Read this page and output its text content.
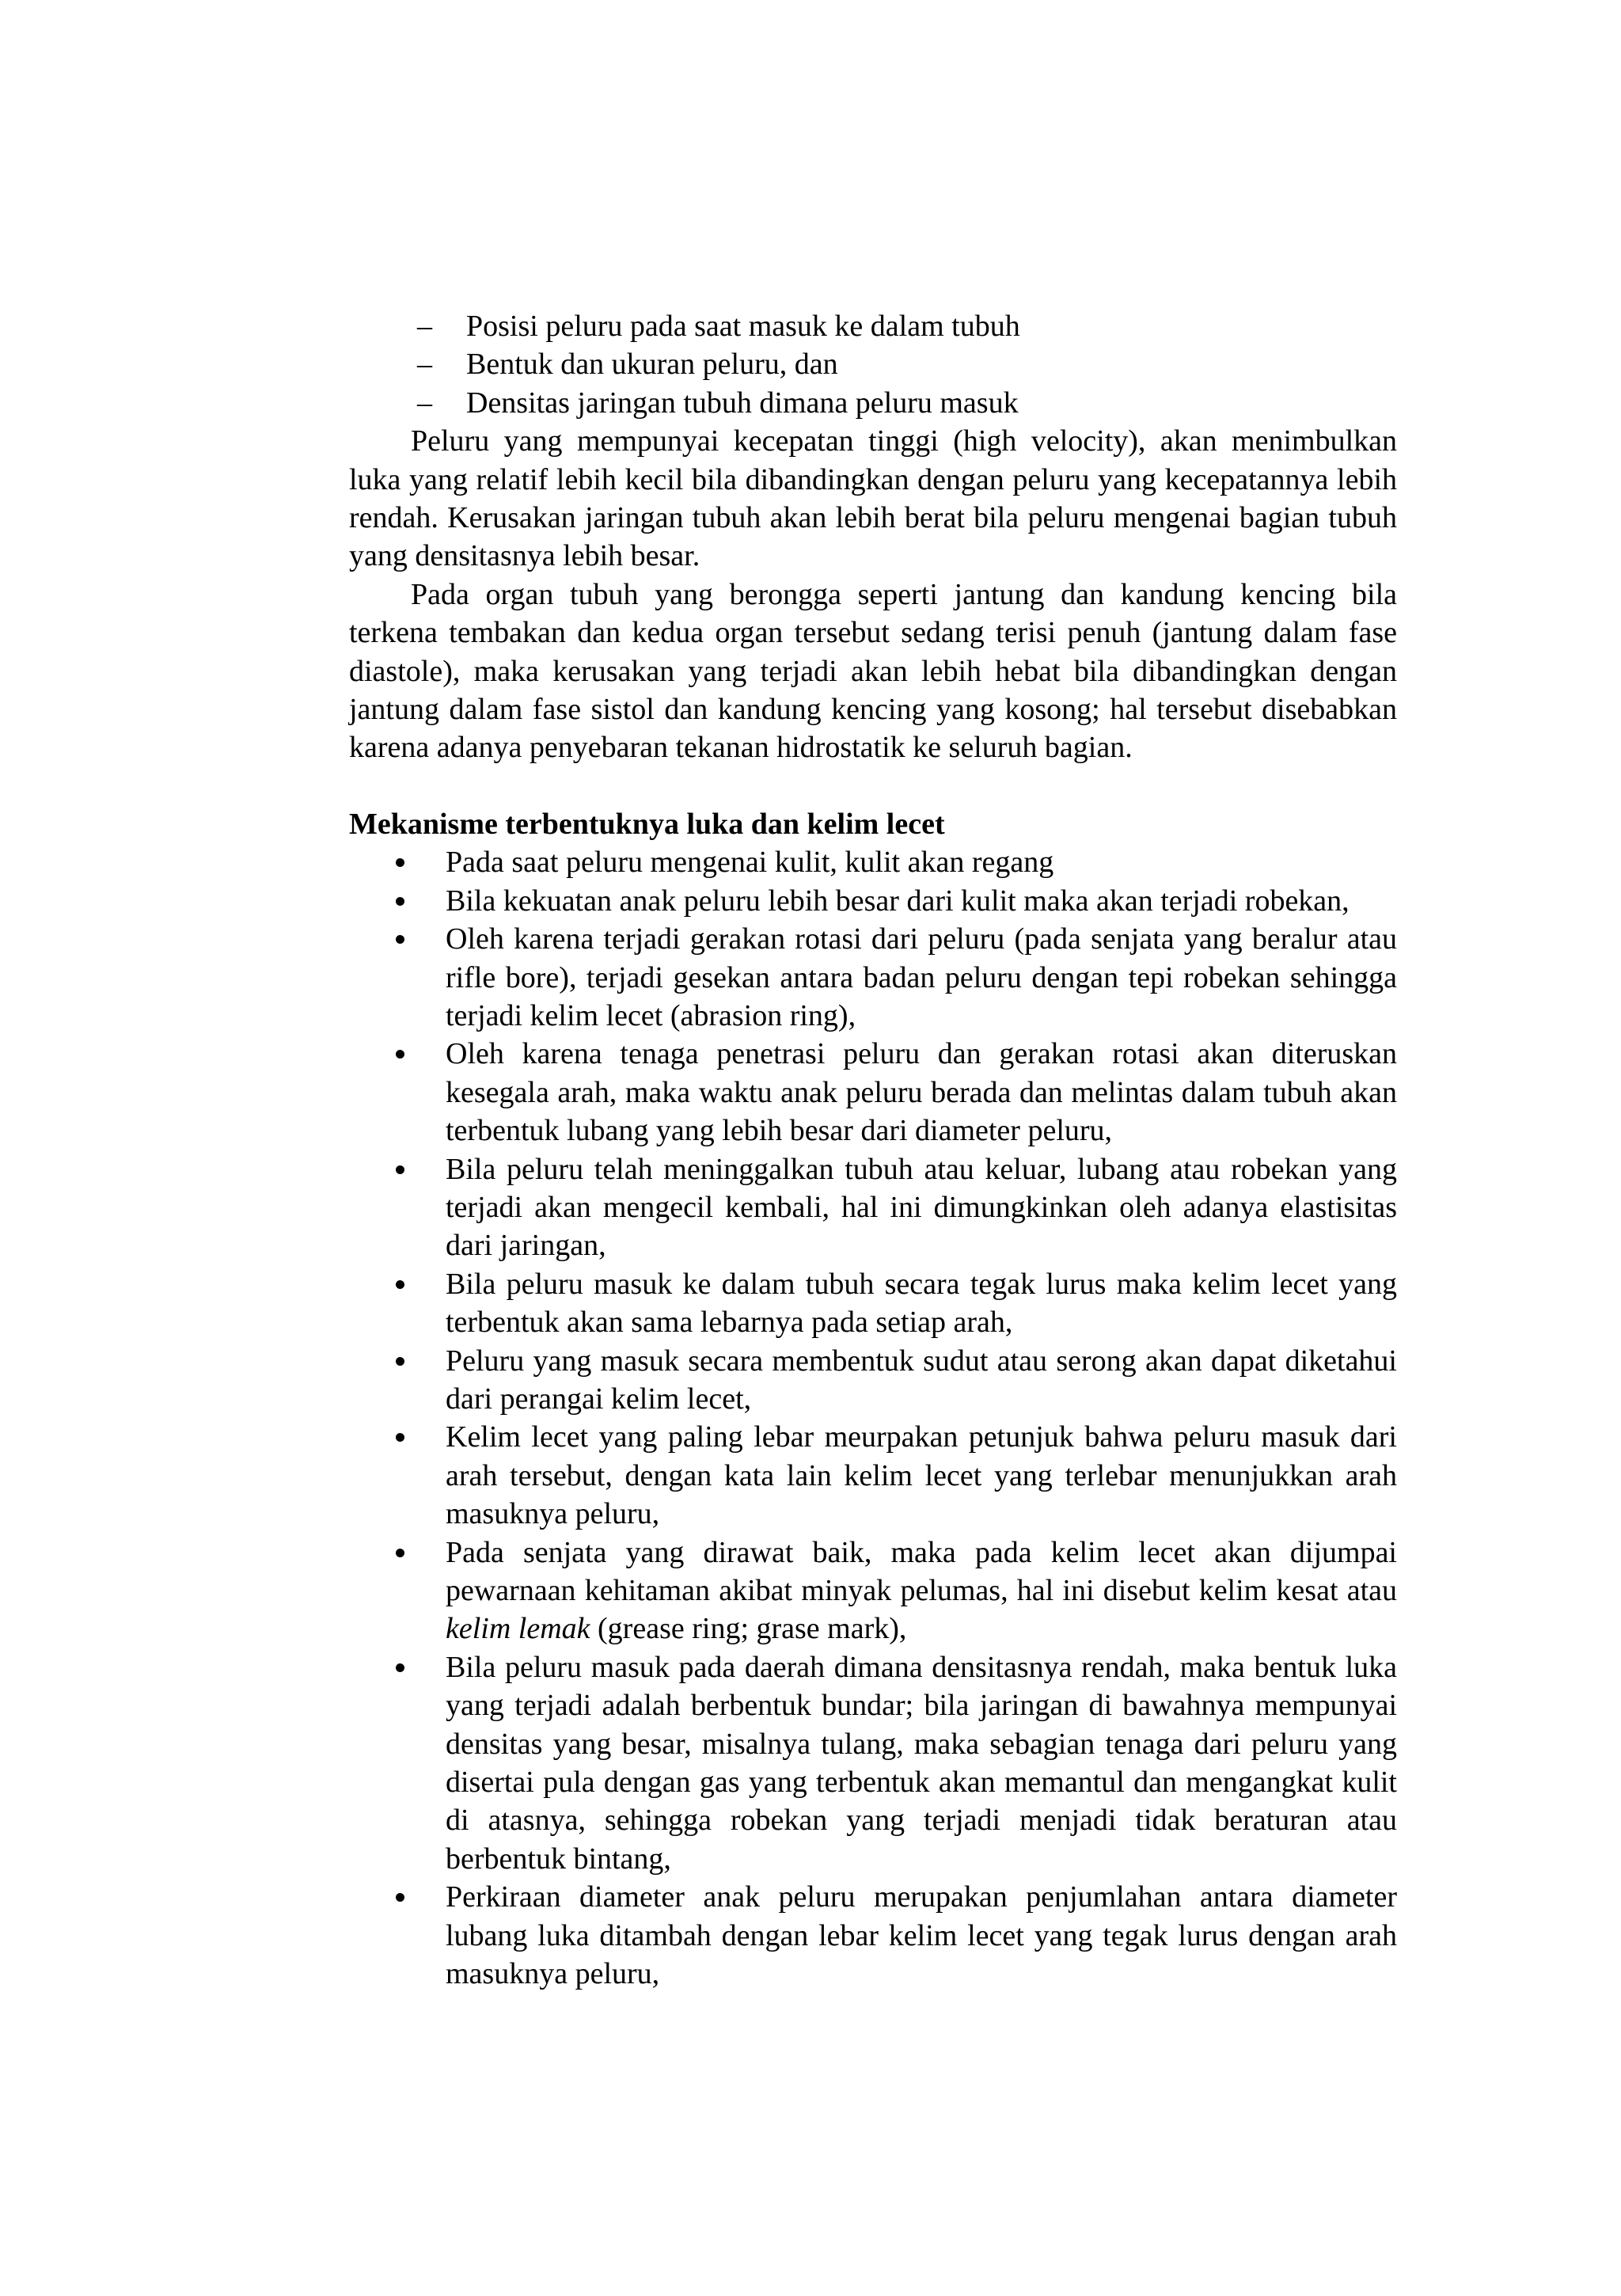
– Posisi peluru pada saat masuk ke dalam tubuh
– Bentuk dan ukuran peluru, dan
– Densitas jaringan tubuh dimana peluru masuk

Peluru yang mempunyai kecepatan tinggi (high velocity), akan menimbulkan luka yang relatif lebih kecil bila dibandingkan dengan peluru yang kecepatannya lebih rendah. Kerusakan jaringan tubuh akan lebih berat bila peluru mengenai bagian tubuh yang densitasnya lebih besar.

Pada organ tubuh yang berongga seperti jantung dan kandung kencing bila terkena tembakan dan kedua organ tersebut sedang terisi penuh (jantung dalam fase diastole), maka kerusakan yang terjadi akan lebih hebat bila dibandingkan dengan jantung dalam fase sistol dan kandung kencing yang kosong; hal tersebut disebabkan karena adanya penyebaran tekanan hidrostatik ke seluruh bagian.

Mekanisme terbentuknya luka dan kelim lecet
Pada saat peluru mengenai kulit, kulit akan regang
Bila kekuatan anak peluru lebih besar dari kulit maka akan terjadi robekan,
Oleh karena terjadi gerakan rotasi dari peluru (pada senjata yang beralur atau rifle bore), terjadi gesekan antara badan peluru dengan tepi robekan sehingga terjadi kelim lecet (abrasion ring),
Oleh karena tenaga penetrasi peluru dan gerakan rotasi akan diteruskan kesegala arah, maka waktu anak peluru berada dan melintas dalam tubuh akan terbentuk lubang yang lebih besar dari diameter peluru,
Bila peluru telah meninggalkan tubuh atau keluar, lubang atau robekan yang terjadi akan mengecil kembali, hal ini dimungkinkan oleh adanya elastisitas dari jaringan,
Bila peluru masuk ke dalam tubuh secara tegak lurus maka kelim lecet yang terbentuk akan sama lebarnya pada setiap arah,
Peluru yang masuk secara membentuk sudut atau serong akan dapat diketahui dari perangai kelim lecet,
Kelim lecet yang paling lebar meurpakan petunjuk bahwa peluru masuk dari arah tersebut, dengan kata lain kelim lecet yang terlebar menunjukkan arah masuknya peluru,
Pada senjata yang dirawat baik, maka pada kelim lecet akan dijumpai pewarnaan kehitaman akibat minyak pelumas, hal ini disebut kelim kesat atau kelim lemak (grease ring; grase mark),
Bila peluru masuk pada daerah dimana densitasnya rendah, maka bentuk luka yang terjadi adalah berbentuk bundar; bila jaringan di bawahnya mempunyai densitas yang besar, misalnya tulang, maka sebagian tenaga dari peluru yang disertai pula dengan gas yang terbentuk akan memantul dan mengangkat kulit di atasnya, sehingga robekan yang terjadi menjadi tidak beraturan atau berbentuk bintang,
Perkiraan diameter anak peluru merupakan penjumlahan antara diameter lubang luka ditambah dengan lebar kelim lecet yang tegak lurus dengan arah masuknya peluru,
